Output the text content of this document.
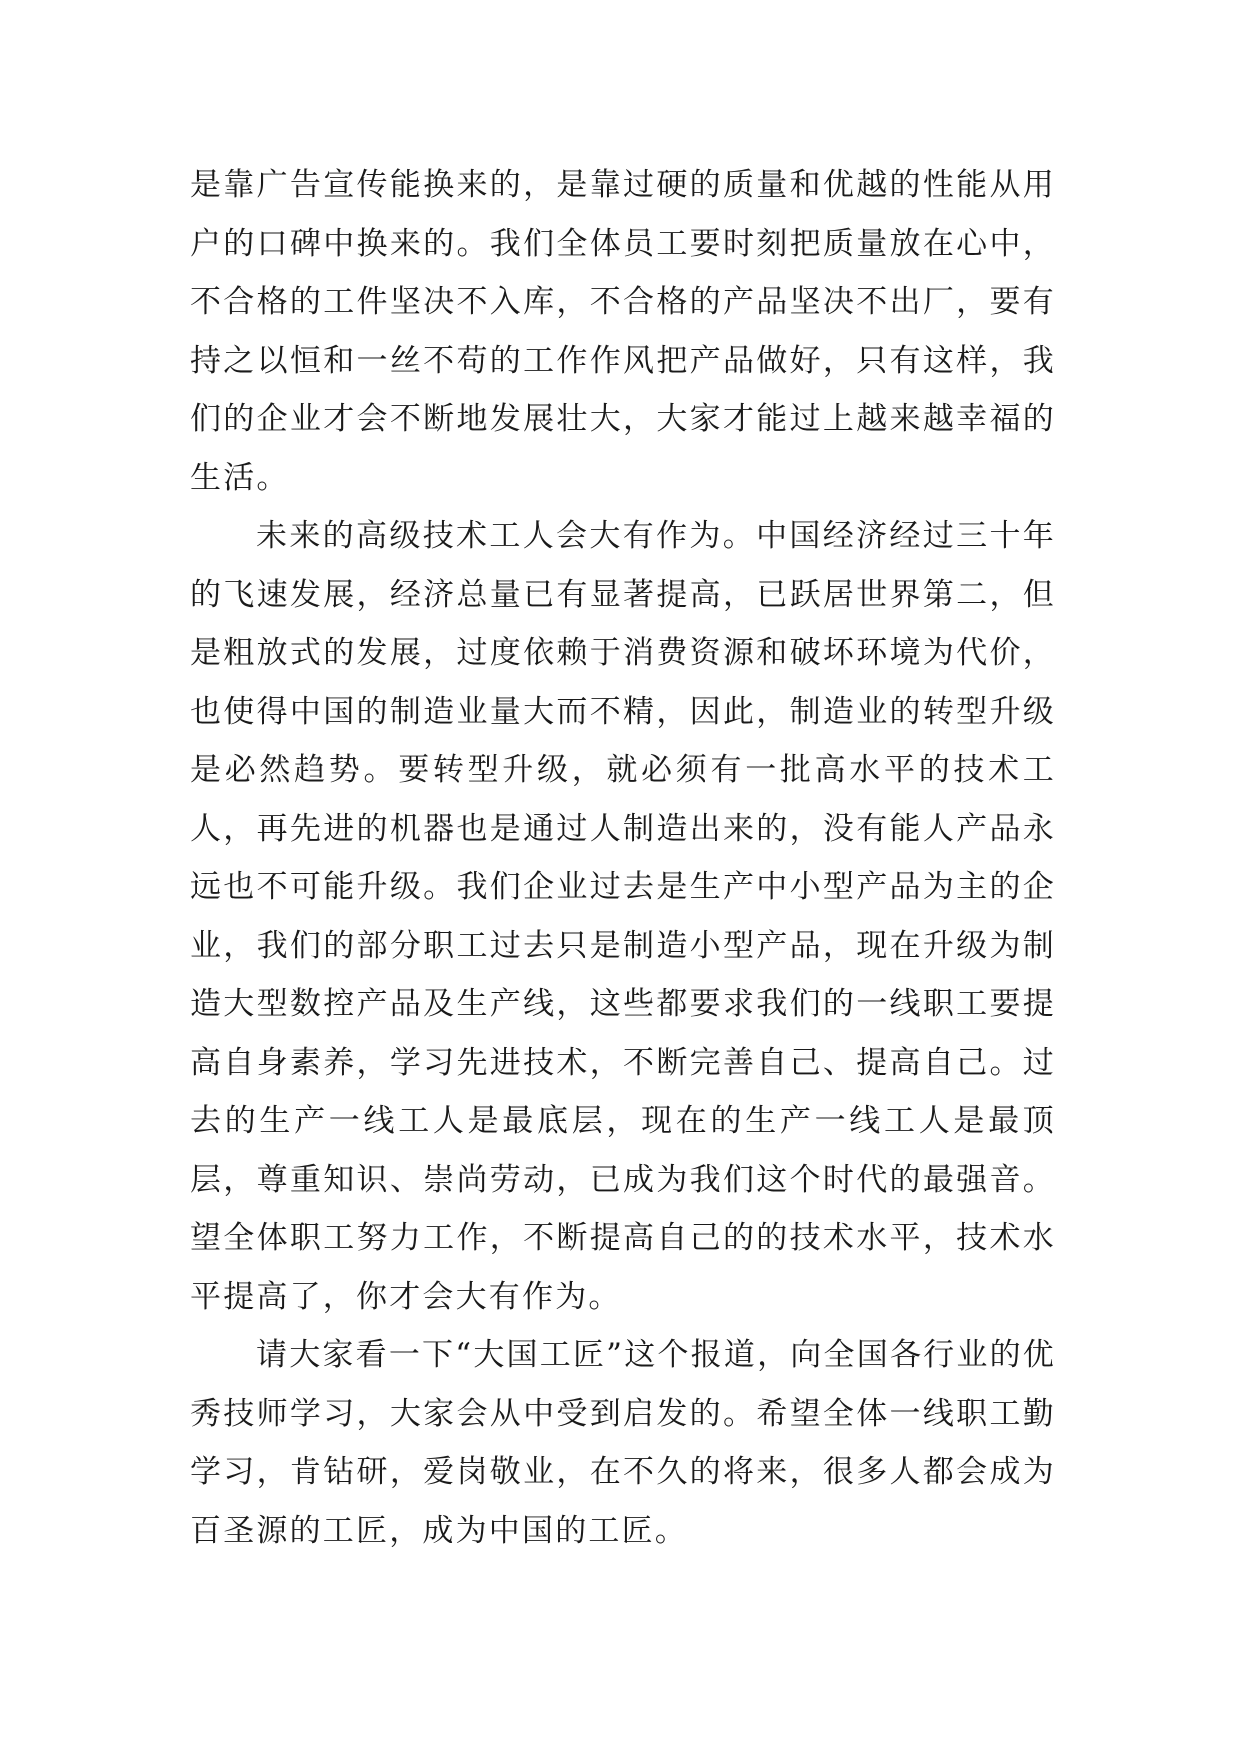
是靠广告宣传能换来的，是靠过硬的质量和优越的性能从用户的口碑中换来的。我们全体员工要时刻把质量放在心中，不合格的工件坚决不入库，不合格的产品坚决不出厂，要有持之以恒和一丝不苟的工作作风把产品做好，只有这样，我们的企业才会不断地发展壮大，大家才能过上越来越幸福的生活。

未来的高级技术工人会大有作为。中国经济经过三十年的飞速发展，经济总量已有显著提高，已跃居世界第二，但是粗放式的发展，过度依赖于消费资源和破坏环境为代价，也使得中国的制造业量大而不精，因此，制造业的转型升级是必然趋势。要转型升级，就必须有一批高水平的技术工人，再先进的机器也是通过人制造出来的，没有能人产品永远也不可能升级。我们企业过去是生产中小型产品为主的企业，我们的部分职工过去只是制造小型产品，现在升级为制造大型数控产品及生产线，这些都要求我们的一线职工要提高自身素养，学习先进技术，不断完善自己、提高自己。过去的生产一线工人是最底层，现在的生产一线工人是最顶层，尊重知识、崇尚劳动，已成为我们这个时代的最强音。望全体职工努力工作，不断提高自己的的技术水平，技术水平提高了，你才会大有作为。

请大家看一下“大国工匠”这个报道，向全国各行业的优秀技师学习，大家会从中受到启发的。希望全体一线职工勤学习，肯钻研，爱岗敬业，在不久的将来，很多人都会成为百圣源的工匠，成为中国的工匠。
